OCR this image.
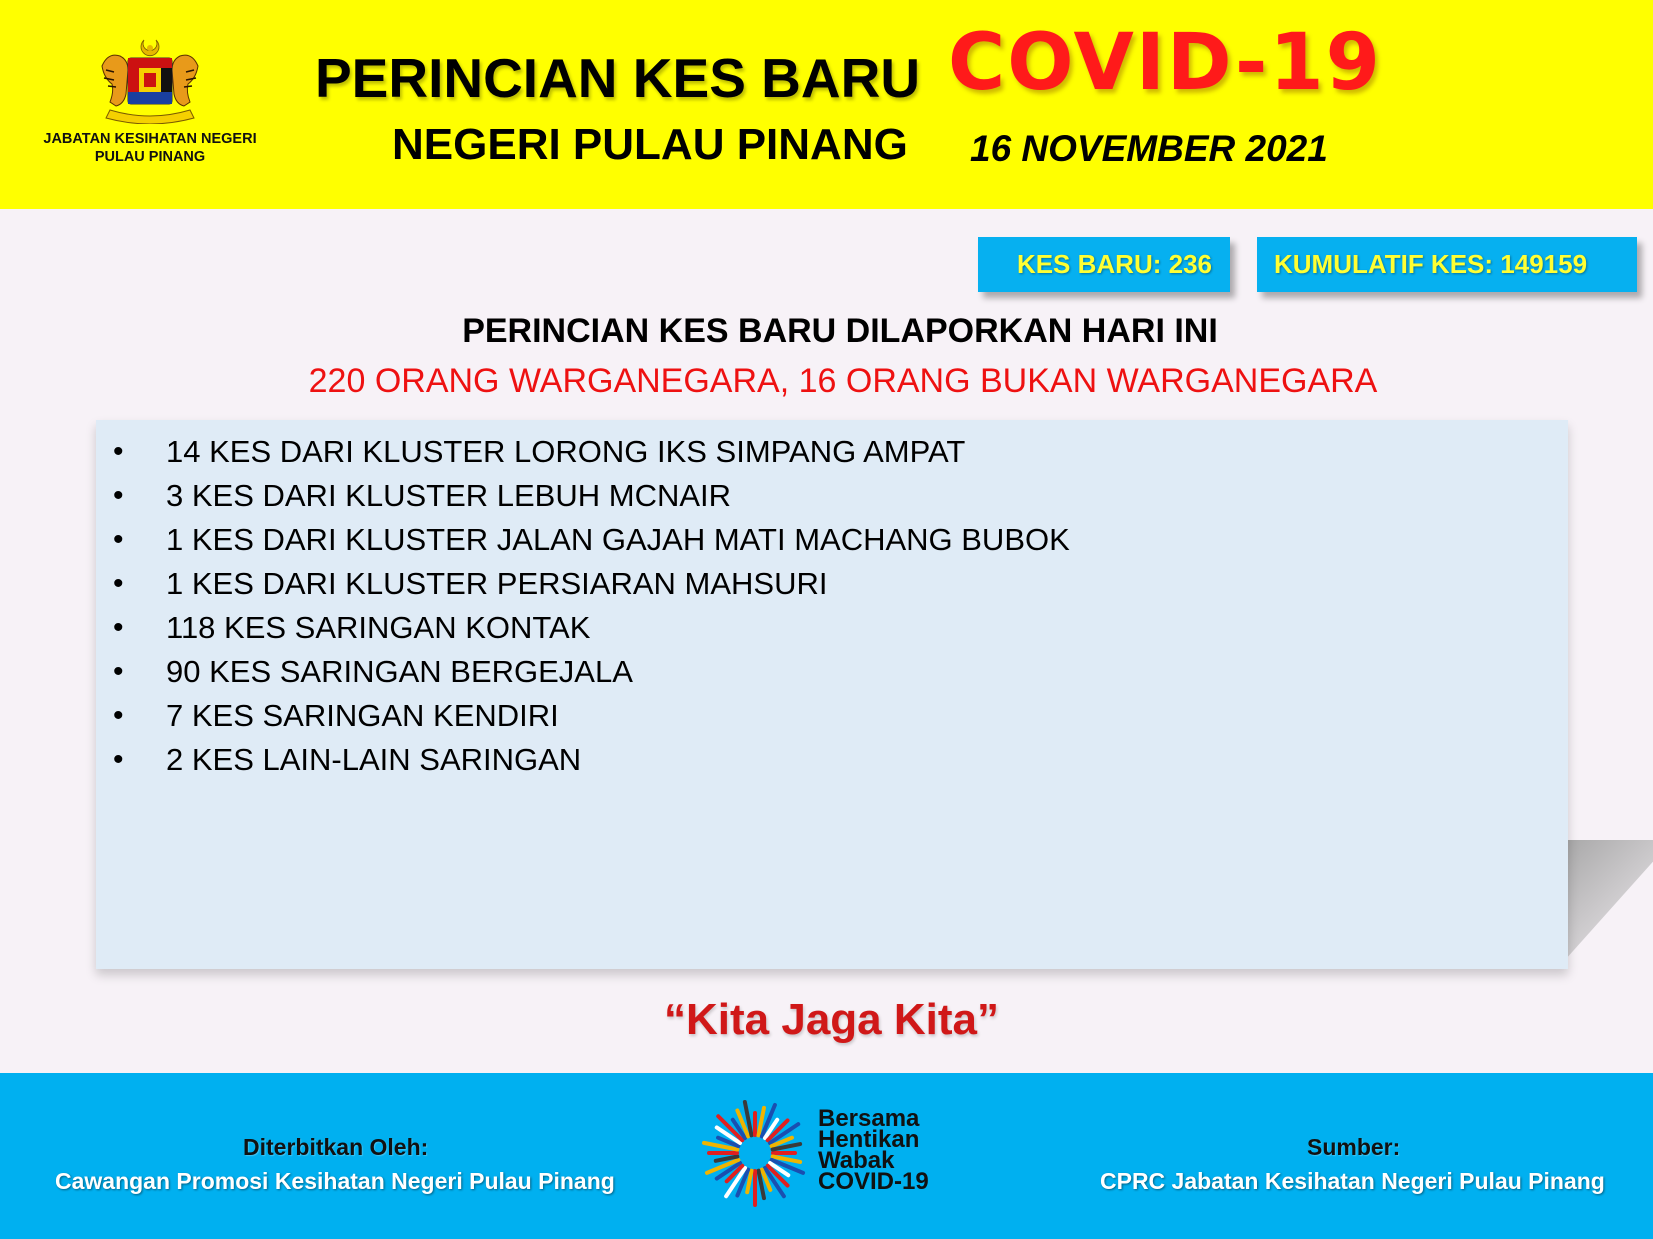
JABATAN KESIHATAN NEGERI
PULAU PINANG
PERINCIAN KES BARU COVID-19
NEGERI PULAU PINANG 16 NOVEMBER 2021
KES BARU: 236	KUMULATIF KES: 149159
PERINCIAN KES BARU DILAPORKAN HARI INI
220 ORANG WARGANEGARA, 16 ORANG BUKAN WARGANEGARA
• 14 KES DARI KLUSTER LORONG IKS SIMPANG AMPAT
• 3 KES DARI KLUSTER LEBUH MCNAIR
• 1 KES DARI KLUSTER JALAN GAJAH MATI MACHANG BUBOK
• 1 KES DARI KLUSTER PERSIARAN MAHSURI
• 118 KES SARINGAN KONTAK
• 90 KES SARINGAN BERGEJALA
• 7 KES SARINGAN KENDIRI
• 2 KES LAIN-LAIN SARINGAN
“Kita Jaga Kita”
Diterbitkan Oleh:
Cawangan Promosi Kesihatan Negeri Pulau Pinang
Bersama
Hentikan
Wabak
COVID-19
Sumber:
CPRC Jabatan Kesihatan Negeri Pulau Pinang
